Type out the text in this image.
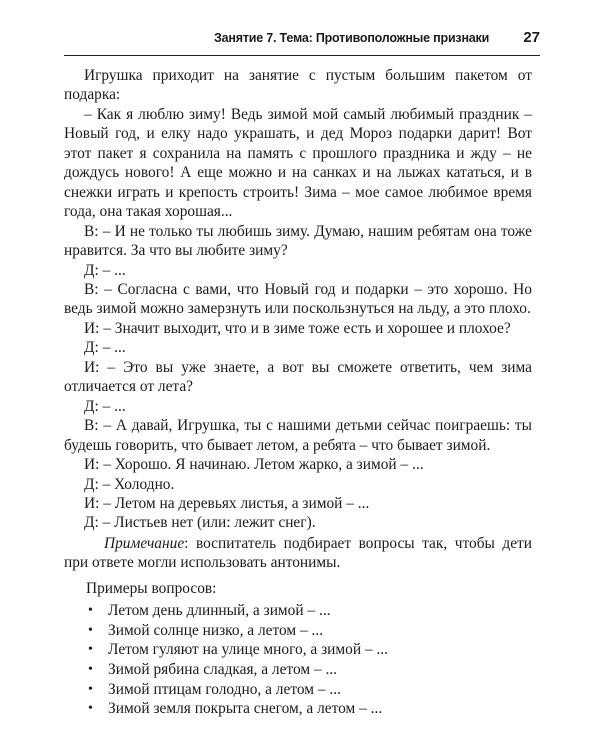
Занятие 7. Тема: Противоположные признаки 27

Игрушка приходит на занятие с пустым большим пакетом от подарка:

– Как я люблю зиму! Ведь зимой мой самый любимый праздник – Новый год, и елку надо украшать, и дед Мороз подарки дарит! Вот этот пакет я сохранила на память с прошлого праздника и жду – не дождусь нового! А еще можно и на санках и на лыжах кататься, и в снежки играть и крепость строить! Зима – мое самое любимое время года, она такая хорошая...

В: – И не только ты любишь зиму. Думаю, нашим ребятам она тоже нравится. За что вы любите зиму?

Д: – ...

В: – Согласна с вами, что Новый год и подарки – это хорошо. Но ведь зимой можно замерзнуть или поскользнуться на льду, а это плохо.

И: – Значит выходит, что и в зиме тоже есть и хорошее и плохое?

Д: – ...

И: – Это вы уже знаете, а вот вы сможете ответить, чем зима отличается от лета?

Д: – ...

В: – А давай, Игрушка, ты с нашими детьми сейчас поиграешь: ты будешь говорить, что бывает летом, а ребята – что бывает зимой.

И: – Хорошо. Я начинаю. Летом жарко, а зимой – ...

Д: – Холодно.

И: – Летом на деревьях листья, а зимой – ...

Д: – Листьев нет (или: лежит снег).

Примечание: воспитатель подбирает вопросы так, чтобы дети при ответе могли использовать антонимы.

Примеры вопросов:

• Летом день длинный, а зимой – ...
• Зимой солнце низко, а летом – ...
• Летом гуляют на улице много, а зимой – ...
• Зимой рябина сладкая, а летом – ...
• Зимой птицам голодно, а летом – ...
• Зимой земля покрыта снегом, а летом – ...
